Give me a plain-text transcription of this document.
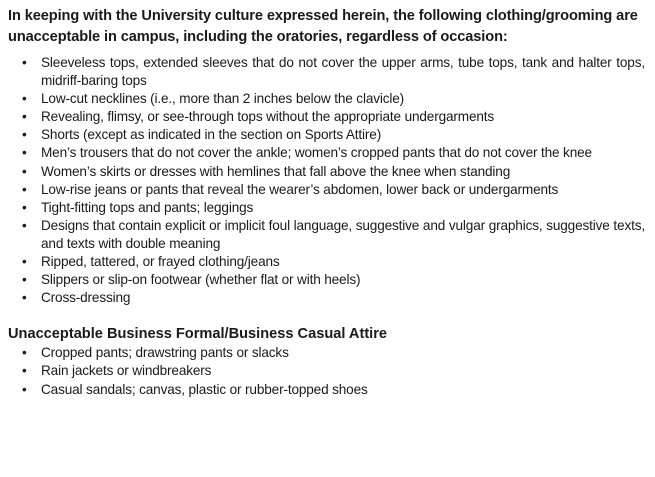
In keeping with the University culture expressed herein, the following clothing/grooming are unacceptable in campus, including the oratories, regardless of occasion:

• Sleeveless tops, extended sleeves that do not cover the upper arms, tube tops, tank and halter tops, midriff-baring tops
• Low-cut necklines (i.e., more than 2 inches below the clavicle)
• Revealing, flimsy, or see-through tops without the appropriate undergarments
• Shorts (except as indicated in the section on Sports Attire)
• Men’s trousers that do not cover the ankle; women’s cropped pants that do not cover the knee
• Women’s skirts or dresses with hemlines that fall above the knee when standing
• Low-rise jeans or pants that reveal the wearer’s abdomen, lower back or undergarments
• Tight-fitting tops and pants; leggings
• Designs that contain explicit or implicit foul language, suggestive and vulgar graphics, suggestive texts, and texts with double meaning
• Ripped, tattered, or frayed clothing/jeans
• Slippers or slip-on footwear (whether flat or with heels)
• Cross-dressing

Unacceptable Business Formal/Business Casual Attire

• Cropped pants; drawstring pants or slacks
• Rain jackets or windbreakers
• Casual sandals; canvas, plastic or rubber-topped shoes
